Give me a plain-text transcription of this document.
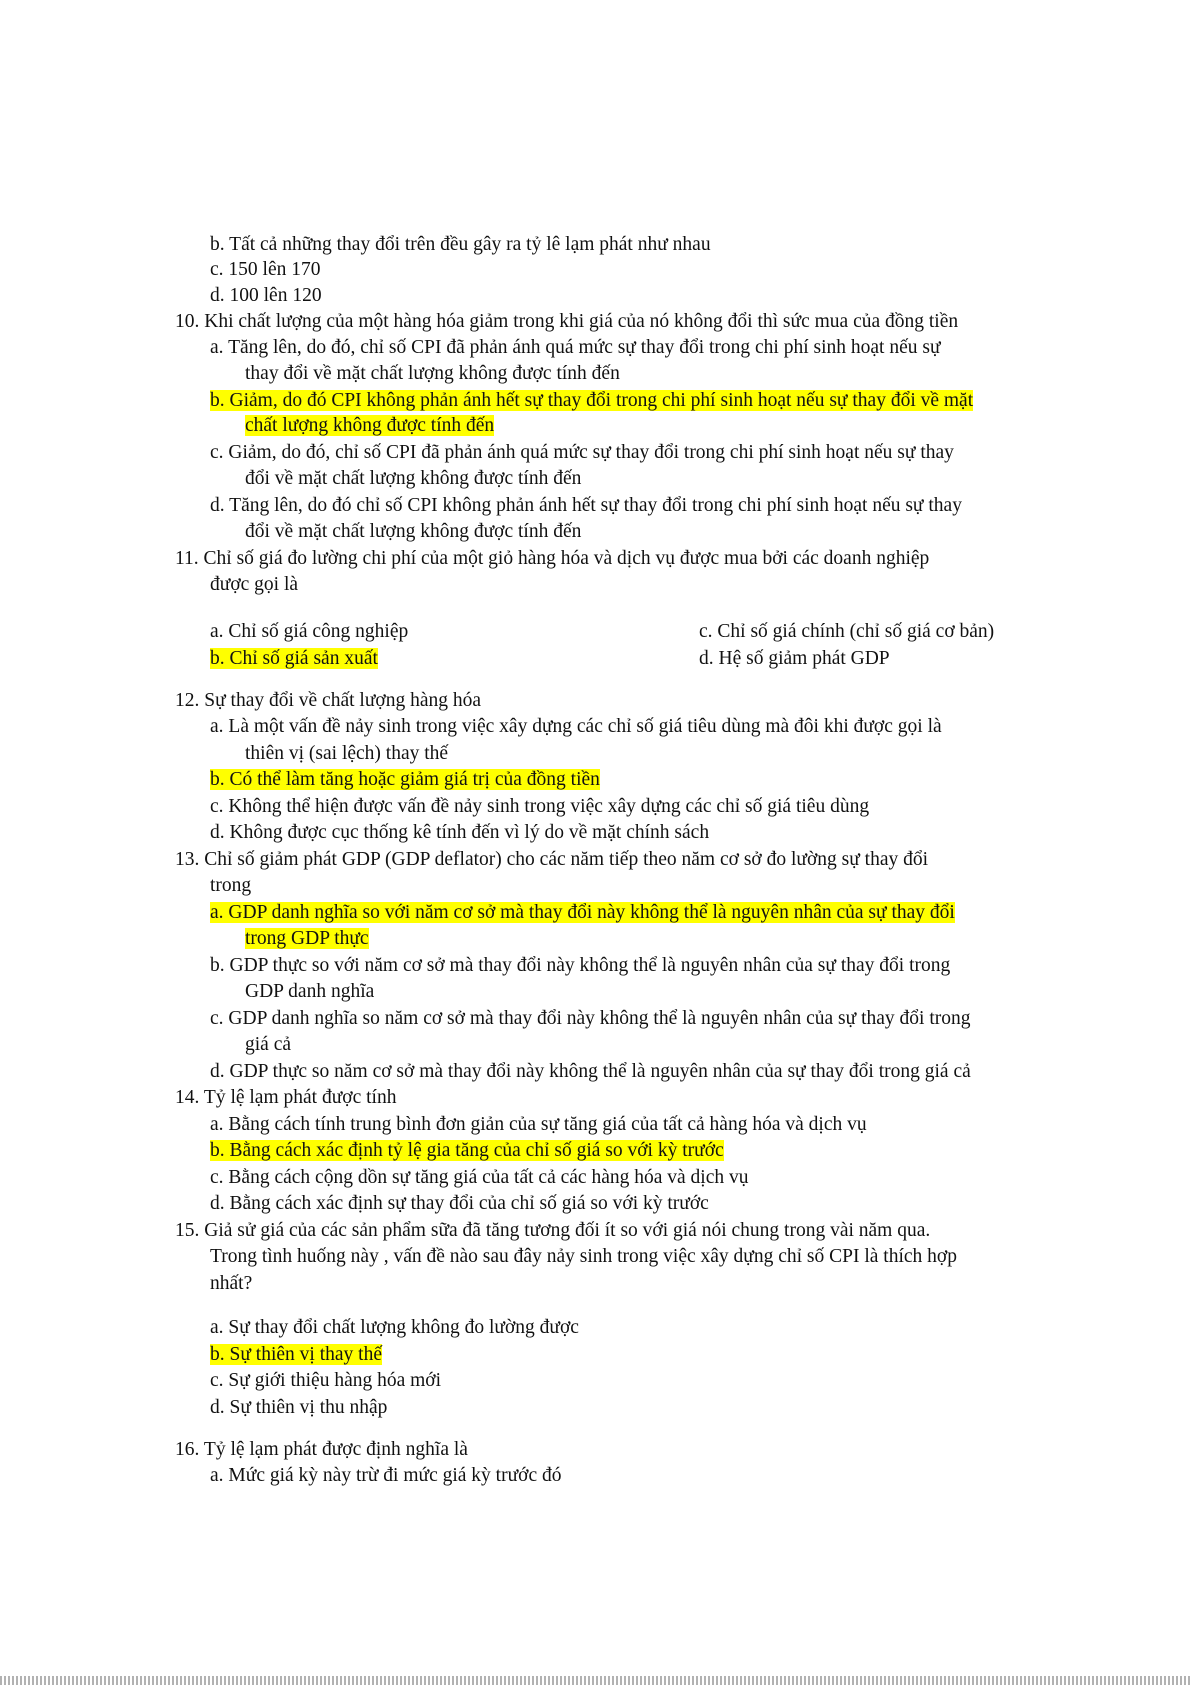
b. Tất cả những thay đổi trên đều gây ra tỷ lê lạm phát như nhau
c. 150 lên 170
d. 100 lên 120
10. Khi chất lượng của một hàng hóa giảm trong khi giá của nó không đổi thì sức mua của đồng tiền
a. Tăng lên, do đó, chỉ số CPI đã phản ánh quá mức sự thay đổi trong chi phí sinh hoạt nếu sự
thay đổi về mặt chất lượng không được tính đến
b. Giảm, do đó CPI không phản ánh hết sự thay đổi trong chi phí sinh hoạt nếu sự thay đổi về mặt
chất lượng không được tính đến
c. Giảm, do đó, chỉ số CPI đã phản ánh quá mức sự thay đổi trong chi phí sinh hoạt nếu sự thay
đổi về mặt chất lượng không được tính đến
d. Tăng lên, do đó chỉ số CPI không phản ánh hết sự thay đổi trong chi phí sinh hoạt nếu sự thay
đổi về mặt chất lượng không được tính đến
11. Chỉ số giá đo lường chi phí của một giỏ hàng hóa và dịch vụ được mua bởi các doanh nghiệp
được gọi là
a. Chỉ số giá công nghiệp
b. Chỉ số giá sản xuất
c. Chỉ số giá chính (chỉ số giá cơ bản)
d. Hệ số giảm phát GDP
12. Sự thay đổi về chất lượng hàng hóa
a. Là một vấn đề nảy sinh trong việc xây dựng các chỉ số giá tiêu dùng mà đôi khi được gọi là
thiên vị (sai lệch) thay thế
b. Có thể làm tăng hoặc giảm giá trị của đồng tiền
c. Không thể hiện được vấn đề nảy sinh trong việc xây dựng các chỉ số giá tiêu dùng
d. Không được cục thống kê tính đến vì lý do về mặt chính sách
13. Chỉ số giảm phát GDP (GDP deflator) cho các năm tiếp theo năm cơ sở đo lường sự thay đổi
trong
a. GDP danh nghĩa so với năm cơ sở mà thay đổi này không thể là nguyên nhân của sự thay đổi
trong GDP thực
b. GDP thực so với năm cơ sở mà thay đổi này không thể là nguyên nhân của sự thay đổi trong
GDP danh nghĩa
c. GDP danh nghĩa so năm cơ sở mà thay đổi này không thể là nguyên nhân của sự thay đổi trong
giá cả
d. GDP thực so năm cơ sở mà thay đổi này không thể là nguyên nhân của sự thay đổi trong giá cả
14. Tỷ lệ lạm phát được tính
a. Bằng cách tính trung bình đơn giản của sự tăng giá của tất cả hàng hóa và dịch vụ
b. Bằng cách xác định tỷ lệ gia tăng của chỉ số giá so với kỳ trước
c. Bằng cách cộng dồn sự tăng giá của tất cả các hàng hóa và dịch vụ
d. Bằng cách xác định sự thay đổi của chỉ số giá so với kỳ trước
15. Giả sử giá của các sản phẩm sữa đã tăng tương đối ít so với giá nói chung trong vài năm qua.
Trong tình huống này , vấn đề nào sau đây nảy sinh trong việc xây dựng chỉ số CPI là thích hợp
nhất?
a. Sự thay đổi chất lượng không đo lường được
b. Sự thiên vị thay thế
c. Sự giới thiệu hàng hóa mới
d. Sự thiên vị thu nhập
16. Tỷ lệ lạm phát được định nghĩa là
a. Mức giá kỳ này trừ đi mức giá kỳ trước đó
